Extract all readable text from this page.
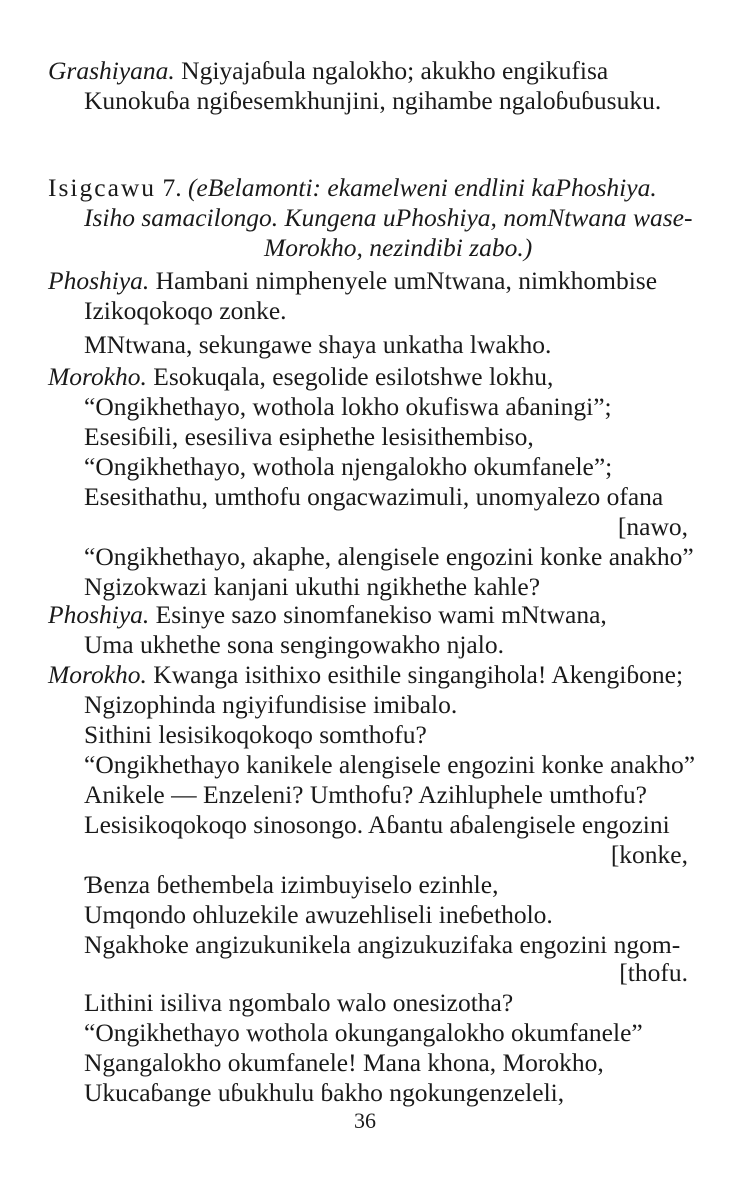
Grashiyana. Ngiyajaɓula ngalokho; akukho engikufisa
Kunokuɓa ngiɓesemkhunjini, ngihambe ngaloɓuɓusuku.
Isigcawu 7. (eBelamonti: ekamelweni endlini kaPhoshiya.
Isiho samacilongo. Kungena uPhoshiya, nomNtwana wase-
Morokho, nezindibi zabo.)
Phoshiya. Hambani nimphenyele umNtwana, nimkhombise
Izikoqokoqo zonke.
MNtwana, sekungawe shaya unkatha lwakho.
Morokho. Esokuqala, esegolide esilotshwe lokhu,
“Ongikhethayo, wothola lokho okufiswa aɓaningi”;
Esesiɓili, esesiliva esiphethe lesisithembiso,
“Ongikhethayo, wothola njengalokho okumfanele”;
Esesithathu, umthofu ongacwazimuli, unomyalezo ofana
[nawo,
“Ongikhethayo, akaphe, alengisele engozini konke anakho”
Ngizokwazi kanjani ukuthi ngikhethe kahle?
Phoshiya. Esinye sazo sinomfanekiso wami mNtwana,
Uma ukhethe sona sengingowakho njalo.
Morokho. Kwanga isithixo esithile singangihola! Akengiɓone;
Ngizophinda ngiyifundisise imibalo.
Sithini lesisikoqokoqo somthofu?
“Ongikhethayo kanikele alengisele engozini konke anakho”
Anikele — Enzeleni? Umthofu? Azihluphele umthofu?
Lesisikoqokoqo sinosongo. Aɓantu aɓalengisele engozini
[konke,
Ɓenza ɓethembela izimbuyiselo ezinhle,
Umqondo ohluzekile awuzehliseli ineɓetholo.
Ngakhoke angizukunikela angizukuzifaka engozini ngom-
[thofu.
Lithini isiliva ngombalo walo onesizotha?
“Ongikhethayo wothola okungangalokho okumfanele”
Ngangalokho okumfanele! Mana khona, Morokho,
Ukucaɓange uɓukhulu ɓakho ngokungenzeleli,
36
